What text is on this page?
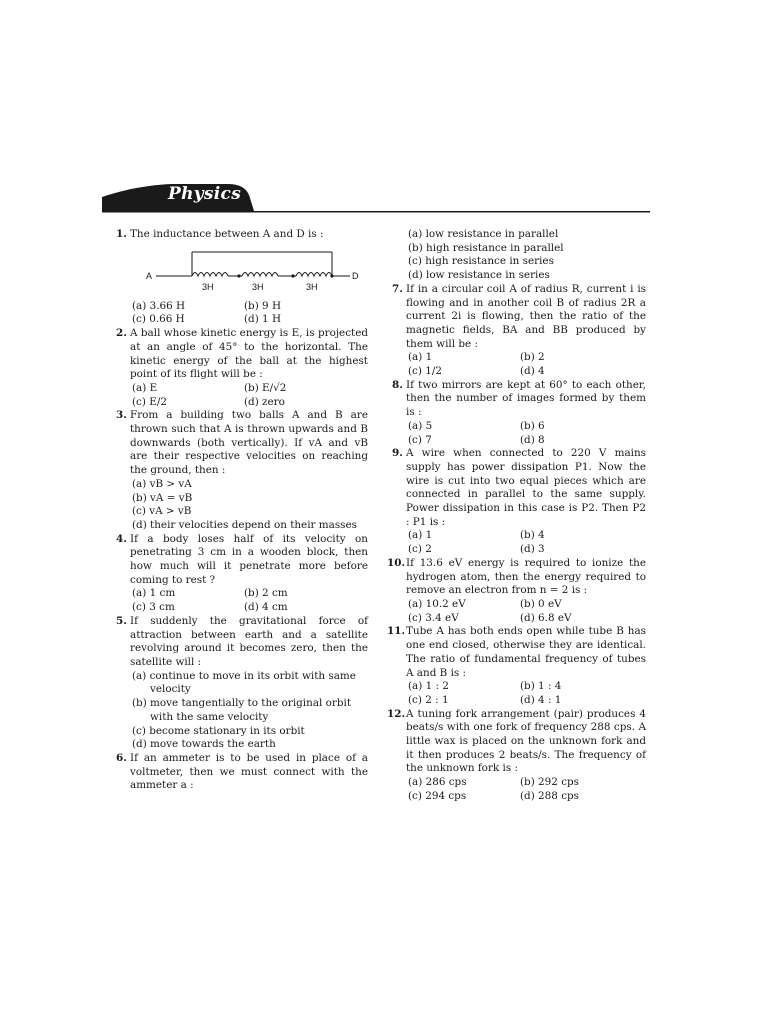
Physics
1. The inductance between A and D is :
A	D
3H	3H	3H
(a) 3.66 H	(b) 9 H
(c) 0.66 H	(d) 1 H
2. A ball whose kinetic energy is E, is projected at an angle of 45° to the horizontal. The kinetic energy of the ball at the highest point of its flight will be :
(a) E	(b) E/√2
(c) E/2	(d) zero
3. From a building two balls A and B are thrown such that A is thrown upwards and B downwards (both vertically). If vA and vB are their respective velocities on reaching the ground, then :
(a) vB > vA
(b) vA = vB
(c) vA > vB
(d) their velocities depend on their masses
4. If a body loses half of its velocity on penetrating 3 cm in a wooden block, then how much will it penetrate more before coming to rest ?
(a) 1 cm	(b) 2 cm
(c) 3 cm	(d) 4 cm
5. If suddenly the gravitational force of attraction between earth and a satellite revolving around it becomes zero, then the satellite will :
(a) continue to move in its orbit with same velocity
(b) move tangentially to the original orbit with the same velocity
(c) become stationary in its orbit
(d) move towards the earth
6. If an ammeter is to be used in place of a voltmeter, then we must connect with the ammeter a :
(a) low resistance in parallel
(b) high resistance in parallel
(c) high resistance in series
(d) low resistance in series
7. If in a circular coil A of radius R, current i is flowing and in another coil B of radius 2R a current 2i is flowing, then the ratio of the magnetic fields, BA and BB produced by them will be :
(a) 1	(b) 2
(c) 1/2	(d) 4
8. If two mirrors are kept at 60° to each other, then the number of images formed by them is :
(a) 5	(b) 6
(c) 7	(d) 8
9. A wire when connected to 220 V mains supply has power dissipation P1. Now the wire is cut into two equal pieces which are connected in parallel to the same supply. Power dissipation in this case is P2. Then P2 : P1 is :
(a) 1	(b) 4
(c) 2	(d) 3
10. If 13.6 eV energy is required to ionize the hydrogen atom, then the energy required to remove an electron from n = 2 is :
(a) 10.2 eV	(b) 0 eV
(c) 3.4 eV	(d) 6.8 eV
11. Tube A has both ends open while tube B has one end closed, otherwise they are identical. The ratio of fundamental frequency of tubes A and B is :
(a) 1 : 2	(b) 1 : 4
(c) 2 : 1	(d) 4 : 1
12. A tuning fork arrangement (pair) produces 4 beats/s with one fork of frequency 288 cps. A little wax is placed on the unknown fork and it then produces 2 beats/s. The frequency of the unknown fork is :
(a) 286 cps	(b) 292 cps
(c) 294 cps	(d) 288 cps
